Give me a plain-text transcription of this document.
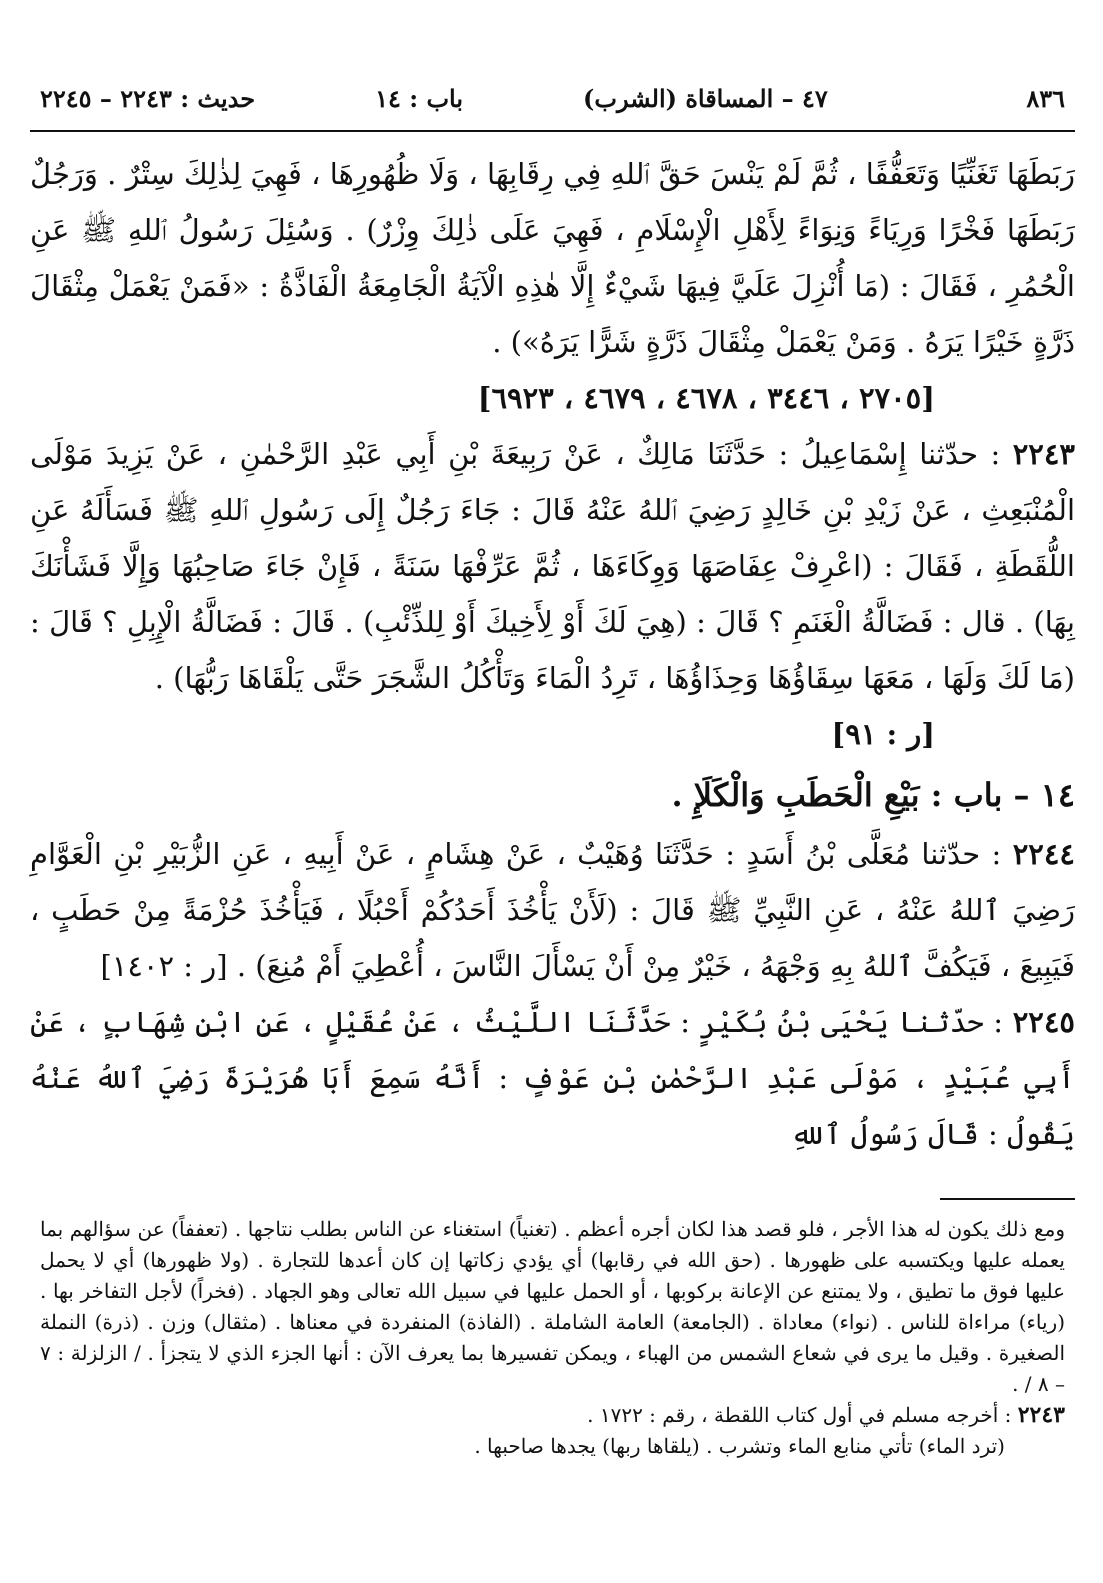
٨٣٦
٤٧ – المساقاة (الشرب)
باب : ١٤
حديث : ٢٢٤٣ – ٢٢٤٥

رَبَطَهَا تَغَنِّيًا وَتَعَفُّفًا ، ثُمَّ لَمْ يَنْسَ حَقَّ ٱللهِ فِي رِقَابِهَا ، وَلَا ظُهُورِهَا ، فَهِيَ لِذٰلِكَ سِتْرٌ . وَرَجُلٌ رَبَطَهَا فَخْرًا وَرِيَاءً وَنِوَاءً لِأَهْلِ الْإِسْلَامِ ، فَهِيَ عَلَى ذٰلِكَ وِزْرٌ) . وَسُئِلَ رَسُولُ ٱللهِ ﷺ عَنِ الْحُمُرِ ، فَقَالَ : (مَا أُنْزِلَ عَلَيَّ فِيهَا شَيْءٌ إِلَّا هٰذِهِ الْآيَةُ الْجَامِعَةُ الْفَاذَّةُ : «فَمَنْ يَعْمَلْ مِثْقَالَ ذَرَّةٍ خَيْرًا يَرَهُ . وَمَنْ يَعْمَلْ مِثْقَالَ ذَرَّةٍ شَرًّا يَرَهُ») .

[٢٧٠٥ ، ٣٤٤٦ ، ٤٦٧٨ ، ٤٦٧٩ ، ٦٩٢٣]

٢٢٤٣ : حدّثنا إِسْمَاعِيلُ : حَدَّثَنَا مَالِكٌ ، عَنْ رَبِيعَةَ بْنِ أَبِي عَبْدِ الرَّحْمٰنِ ، عَنْ يَزِيدَ مَوْلَى الْمُنْبَعِثِ ، عَنْ زَيْدِ بْنِ خَالِدٍ رَضِيَ ٱللهُ عَنْهُ قَالَ : جَاءَ رَجُلٌ إِلَى رَسُولِ ٱللهِ ﷺ فَسَأَلَهُ عَنِ اللُّقَطَةِ ، فَقَالَ : (اعْرِفْ عِفَاصَهَا وَوِكَاءَهَا ، ثُمَّ عَرِّفْهَا سَنَةً ، فَإِنْ جَاءَ صَاحِبُهَا وَإِلَّا فَشَأْنَكَ بِهَا) . قال : فَضَالَّةُ الْغَنَمِ ؟ قَالَ : (هِيَ لَكَ أَوْ لِأَخِيكَ أَوْ لِلذِّئْبِ) . قَالَ : فَضَالَّةُ الْإِبِلِ ؟ قَالَ : (مَا لَكَ وَلَهَا ، مَعَهَا سِقَاؤُهَا وَحِذَاؤُهَا ، تَرِدُ الْمَاءَ وَتَأْكُلُ الشَّجَرَ حَتَّى يَلْقَاهَا رَبُّهَا) .

[ر : ٩١]
١٤ – باب : بَيْعِ الْحَطَبِ وَالْكَلَإِ .

٢٢٤٤ : حدّثنا مُعَلَّى بْنُ أَسَدٍ : حَدَّثَنَا وُهَيْبٌ ، عَنْ هِشَامٍ ، عَنْ أَبِيهِ ، عَنِ الزُّبَيْرِ بْنِ الْعَوَّامِ رَضِيَ ٱللهُ عَنْهُ ، عَنِ النَّبِيِّ ﷺ قَالَ : (لَأَنْ يَأْخُذَ أَحَدُكُمْ أَحْبُلًا ، فَيَأْخُذَ حُزْمَةً مِنْ حَطَبٍ ، فَيَبِيعَ ، فَيَكُفَّ ٱللهُ بِهِ وَجْهَهُ ، خَيْرٌ مِنْ أَنْ يَسْأَلَ النَّاسَ ، أُعْطِيَ أَمْ مُنِعَ) . [ر : ١٤٠٢]

٢٢٤٥ : حدّثنا يَحْيَى بْنُ بُكَيْرٍ : حَدَّثَنَا اللَّيْثُ ، عَنْ عُقَيْلٍ ، عَنِ ابْنِ شِهَابٍ ، عَنْ أَبِي عُبَيْدٍ ، مَوْلَى عَبْدِ الرَّحْمٰنِ بْنِ عَوْفٍ : أَنَّهُ سَمِعَ أَبَا هُرَيْرَةَ رَضِيَ ٱللهُ عَنْهُ يَقُولُ : قَالَ رَسُولُ ٱللهِ

ومع ذلك يكون له هذا الأجر ، فلو قصد هذا لكان أجره أعظم . (تغنياً) استغناء عن الناس بطلب نتاجها . (تعففاً) عن سؤالهم بما يعمله عليها ويكتسبه على ظهورها . (حق الله في رقابها) أي يؤدي زكاتها إن كان أعدها للتجارة . (ولا ظهورها) أي لا يحمل عليها فوق ما تطيق ، ولا يمتنع عن الإعانة بركوبها ، أو الحمل عليها في سبيل الله تعالى وهو الجهاد . (فخراً) لأجل التفاخر بها . (رياء) مراءاة للناس . (نواء) معاداة . (الجامعة) العامة الشاملة . (الفاذة) المنفردة في معناها . (مثقال) وزن . (ذرة) النملة الصغيرة . وقيل ما يرى في شعاع الشمس من الهباء ، ويمكن تفسيرها بما يعرف الآن : أنها الجزء الذي لا يتجزأ . / الزلزلة : ٧ – ٨ / .

٢٢٤٣ : أخرجه مسلم في أول كتاب اللقطة ، رقم : ١٧٢٢ .

(ترد الماء) تأتي منابع الماء وتشرب . (يلقاها ربها) يجدها صاحبها .
